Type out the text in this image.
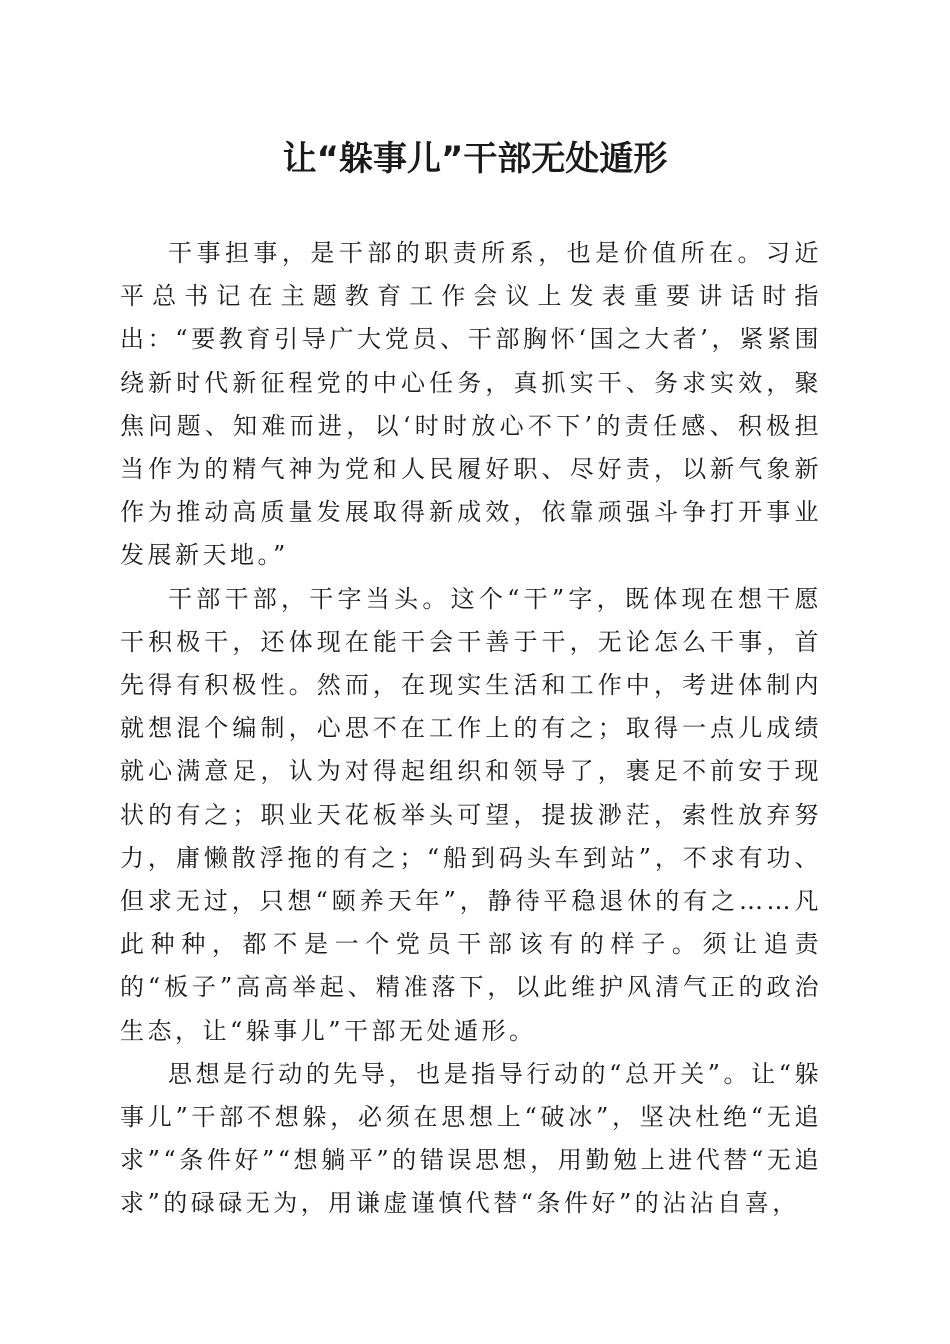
让“躲事儿”干部无处遁形

干事担事，是干部的职责所系，也是价值所在。习近平总书记在主题教育工作会议上发表重要讲话时指出：“要教育引导广大党员、干部胸怀‘国之大者’，紧紧围绕新时代新征程党的中心任务，真抓实干、务求实效，聚焦问题、知难而进，以‘时时放心不下’的责任感、积极担当作为的精气神为党和人民履好职、尽好责，以新气象新作为推动高质量发展取得新成效，依靠顽强斗争打开事业发展新天地。”

干部干部，干字当头。这个“干”字，既体现在想干愿干积极干，还体现在能干会干善于干，无论怎么干事，首先得有积极性。然而，在现实生活和工作中，考进体制内就想混个编制，心思不在工作上的有之；取得一点儿成绩就心满意足，认为对得起组织和领导了，裹足不前安于现状的有之；职业天花板举头可望，提拔渺茫，索性放弃努力，庸懒散浮拖的有之；“船到码头车到站”，不求有功、但求无过，只想“颐养天年”，静待平稳退休的有之……凡此种种，都不是一个党员干部该有的样子。须让追责的“板子”高高举起、精准落下，以此维护风清气正的政治生态，让“躲事儿”干部无处遁形。

思想是行动的先导，也是指导行动的“总开关”。让“躲事儿”干部不想躲，必须在思想上“破冰”，坚决杜绝“无追求”“条件好”“想躺平”的错误思想，用勤勉上进代替“无追求”的碌碌无为，用谦虚谨慎代替“条件好”的沾沾自喜，
